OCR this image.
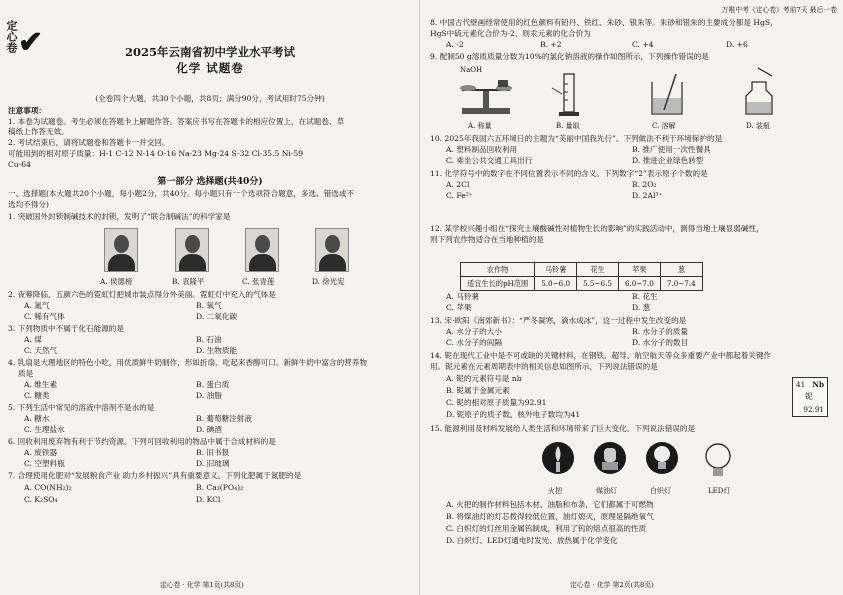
定心卷 ✔	2025年云南省初中学业水平考试
化学 试题卷
(全卷四个大题，共30个小题，共8页；满分90分，考试用时75分钟)
注意事项：
1. 本卷为试题卷。考生必须在答题卡上解题作答。答案应书写在答题卡的相应位置上，在试题卷、草
稿纸上作答无效。
2. 考试结束后，请将试题卷和答题卡一并交回。
可能用到的相对原子质量：H-1 C-12 N-14 O-16 Na-23 Mg-24 S-32 Cl-35.5 Ni-59
Cu-64
第一部分 选择题(共40分)
一、选择题(本大题共20个小题，每小题2分，共40分。每小题只有一个选项符合题意，多选、错选或不
选均不得分)
1. 突破国外封锁制碱技术的封锁，发明了“联合制碱法”的科学家是
A. 侯德榜	B. 袁隆平	C. 张青莲	D. 徐光宪
2. 夜幕降临，五颜六色的霓虹灯把城市装点得分外美丽。霓虹灯中充入的气体是
A. 氮气	B. 氧气
C. 稀有气体	D. 二氧化碳
3. 下列物质中不属于化石能源的是
A. 煤	B. 石油
C. 天然气	D. 生物质能
4. 乳扇是大理地区的特色小吃，用优质鲜牛奶制作，形如折扇、吃起来香醇可口。新鲜牛奶中富含的营养物
质是
A. 维生素	B. 蛋白质
C. 糖类	D. 油脂
5. 下列生活中常见的溶液中溶剂不是水的是
A. 糖水	B. 葡萄糖注射液
C. 生理盐水	D. 碘酒
6. 回收利用废弃物有利于节约资源。下列可回收利用的物品中属于合成材料的是
A. 废铁器	B. 旧书报
C. 空塑料瓶	D. 旧玻璃
7. 合理使用化肥对“发展粮食产业 助力乡村振兴”具有重要意义。下列化肥属于氮肥的是
A. CO(NH₂)₂	B. Ca₃(PO₄)₂
C. K₂SO₄	D. KCl
定心卷 · 化学 第1页(共8页)
万唯中考《定心卷》考前7天 最后一卷
8. 中国古代壁画经常使用的红色颜料有铅丹、铁红、朱砂、银朱等。朱砂和银朱的主要成分都是 HgS，
HgS中硫元素化合价为-2，则汞元素的化合价为
A. -2	B. +2	C. +4	D. +6
9. 配制50 g溶质质量分数为10%的氯化钠溶液的操作如图所示，下列操作错误的是
NaOH
A. 称量	B. 量取	C. 溶解	D. 装瓶
10. 2025年我国六五环境日的主题为“美丽中国我先行”。下列做法不利于环境保护的是
A. 塑料制品回收利用	B. 推广使用一次性餐具
C. 乘坐公共交通工具出行	D. 推进企业绿色转型
11. 化学符号中的数字在不同位置表示不同的含义。下列数字“2”表示原子个数的是
A. 2Cl	B. 2O₂
C. Fe²⁺	D. 2Al³⁺
12. 某学校兴趣小组在“探究土壤酸碱性对植物生长的影响”的实践活动中，测得当地土壤显弱碱性，
则下列农作物适合在当地种植的是
农作物	马铃薯	花生	苹果	葱
适宜生长的pH范围	5.0~6.0	5.5~6.5	6.0~7.0	7.0~7.4
A. 马铃薯	B. 花生
C. 苹果	D. 葱
13. 宋·欧阳《南郊新书》：“严冬凝寒，滴水成冰”，这一过程中发生改变的是
A. 水分子的大小	B. 水分子的质量
C. 水分子的间隔	D. 水分子的数目
14. 铌在现代工业中是不可或缺的关键材料，在钢铁、超导、航空航天等众多重要产业中都起着关键作
用。铌元素在元素周期表中的相关信息如图所示，下列说法错误的是
A. 铌的元素符号是 nb
B. 铌属于金属元素
C. 铌的相对原子质量为92.91
D. 铌原子的质子数、核外电子数均为41
41 Nb
铌
92.91
15. 能源利用及材料发展给人类生活和环境带来了巨大变化。下列说法错误的是
火把	煤油灯	白炽灯	LED灯
A. 火把的制作材料包括木材、油脂和布条，它们都属于可燃物
B. 将煤油灯的灯芯拨得较低位置，油灯熄灭，原理是隔绝氧气
C. 白炽灯的灯丝用金属钨制成，利用了钨的熔点很高的性质
D. 白炽灯、LED灯通电时发光、放热属于化学变化
定心卷 · 化学 第2页(共8页)
